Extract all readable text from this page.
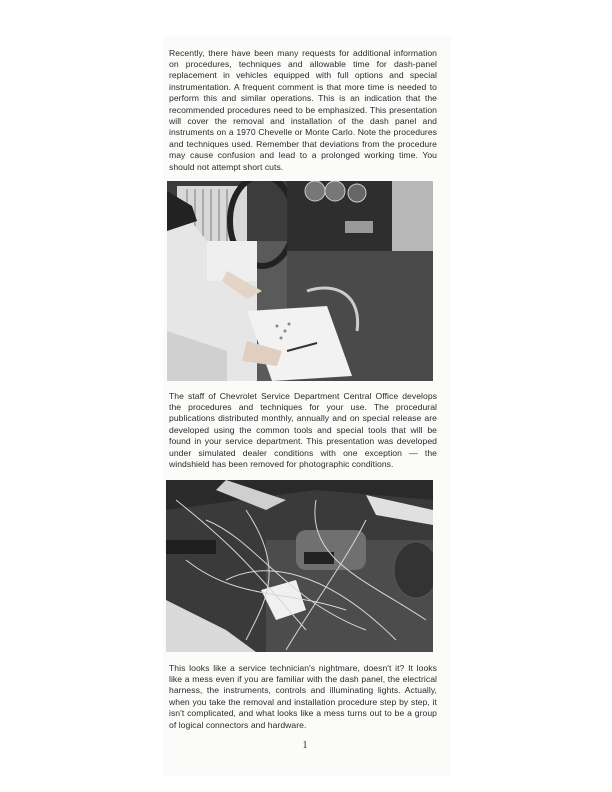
Recently, there have been many requests for additional information on procedures, techniques and allowable time for dash-panel replacement in vehicles equipped with full options and special instrumentation. A frequent comment is that more time is needed to perform this and similar operations. This is an indication that the recommended procedures need to be emphasized. This presentation will cover the removal and installation of the dash panel and instruments on a 1970 Chevelle or Monte Carlo. Note the procedures and techniques used. Remember that deviations from the procedure may cause confusion and lead to a prolonged working time. You should not attempt short cuts.

The staff of Chevrolet Service Department Central Office develops the procedures and techniques for your use. The procedural publications distributed monthly, annually and on special release are developed using the common tools and special tools that will be found in your service department. This presentation was developed under simulated dealer conditions with one exception — the windshield has been removed for photographic conditions.

This looks like a service technician's nightmare, doesn't it? It looks like a mess even if you are familiar with the dash panel, the electrical harness, the instruments, controls and illuminating lights. Actually, when you take the removal and installation procedure step by step, it isn't complicated, and what looks like a mess turns out to be a group of logical connectors and hardware.

1
